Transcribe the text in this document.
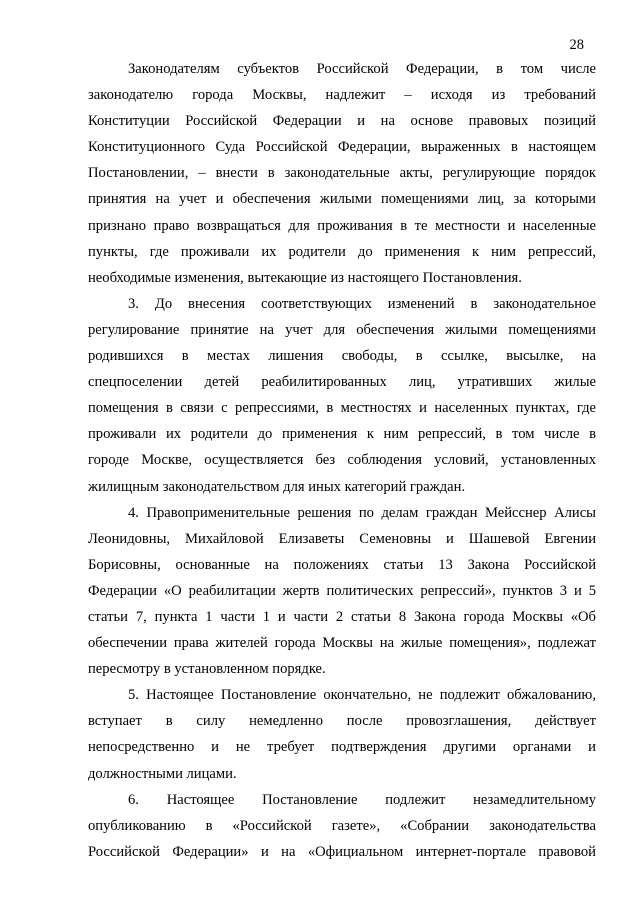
28
Законодателям субъектов Российской Федерации, в том числе
законодателю города Москвы, надлежит – исходя из требований
Конституции Российской Федерации и на основе правовых позиций
Конституционного Суда Российской Федерации, выраженных в настоящем
Постановлении, – внести в законодательные акты, регулирующие порядок
принятия на учет и обеспечения жилыми помещениями лиц, за которыми
признано право возвращаться для проживания в те местности и населенные
пункты, где проживали их родители до применения к ним репрессий,
необходимые изменения, вытекающие из настоящего Постановления.
3. До внесения соответствующих изменений в законодательное
регулирование принятие на учет для обеспечения жилыми помещениями
родившихся в местах лишения свободы, в ссылке, высылке, на
спецпоселении детей реабилитированных лиц, утративших жилые
помещения в связи с репрессиями, в местностях и населенных пунктах, где
проживали их родители до применения к ним репрессий, в том числе в
городе Москве, осуществляется без соблюдения условий, установленных
жилищным законодательством для иных категорий граждан.
4. Правоприменительные решения по делам граждан Мейсснер Алисы
Леонидовны, Михайловой Елизаветы Семеновны и Шашевой Евгении
Борисовны, основанные на положениях статьи 13 Закона Российской
Федерации «О реабилитации жертв политических репрессий», пунктов 3 и 5
статьи 7, пункта 1 части 1 и части 2 статьи 8 Закона города Москвы «Об
обеспечении права жителей города Москвы на жилые помещения», подлежат
пересмотру в установленном порядке.
5. Настоящее Постановление окончательно, не подлежит обжалованию,
вступает в силу немедленно после провозглашения, действует
непосредственно и не требует подтверждения другими органами и
должностными лицами.
6. Настоящее Постановление подлежит незамедлительному
опубликованию в «Российской газете», «Собрании законодательства
Российской Федерации» и на «Официальном интернет-портале правовой
